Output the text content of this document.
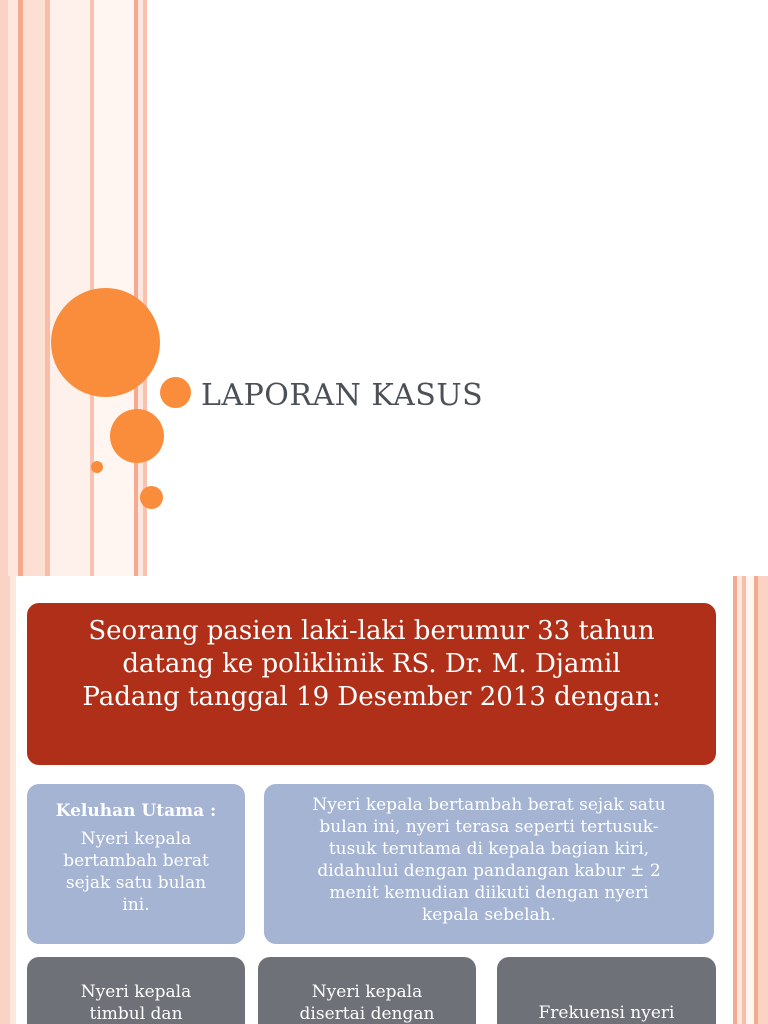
LAPORAN KASUS
Seorang pasien laki-laki berumur 33 tahun
datang ke poliklinik RS. Dr. M. Djamil
Padang tanggal 19 Desember 2013 dengan:
Keluhan Utama :
Nyeri kepala
bertambah berat
sejak satu bulan
ini.
Nyeri kepala bertambah berat sejak satu
bulan ini, nyeri terasa seperti tertusuk-
tusuk terutama di kepala bagian kiri,
didahului dengan pandangan kabur ± 2
menit kemudian diikuti dengan nyeri
kepala sebelah.
Nyeri kepala
timbul dan
Nyeri kepala
disertai dengan	Frekuensi nyeri
